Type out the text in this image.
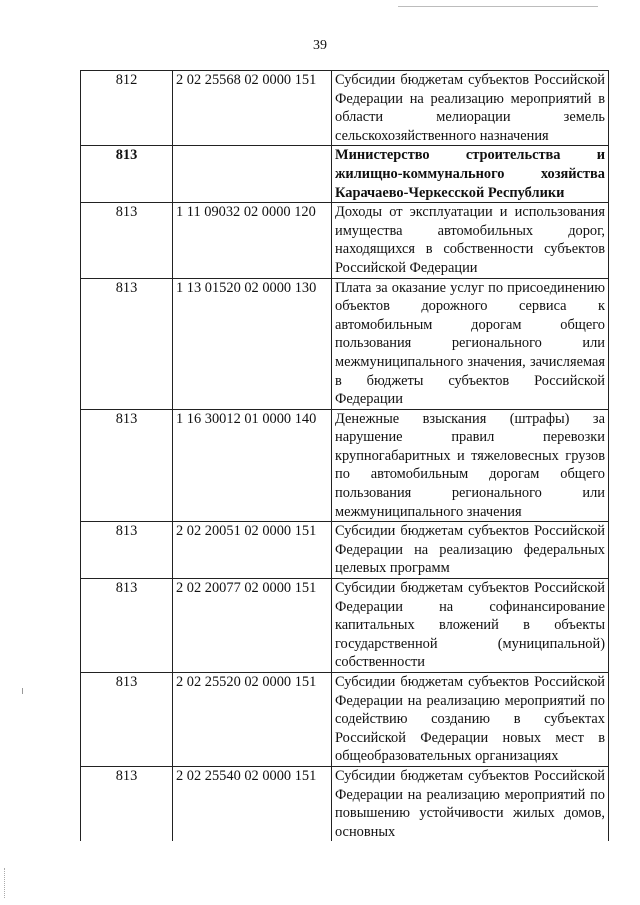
39
812	2 02 25568 02 0000 151	Субсидии бюджетам субъектов Российской Федерации на реализацию мероприятий в области мелиорации земель сельскохозяйственного назначения
813		Министерство строительства и жилищно-коммунального хозяйства Карачаево-Черкесской Республики
813	1 11 09032 02 0000 120	Доходы от эксплуатации и использования имущества автомобильных дорог, находящихся в собственности субъектов Российской Федерации
813	1 13 01520 02 0000 130	Плата за оказание услуг по присоединению объектов дорожного сервиса к автомобильным дорогам общего пользования регионального или межмуниципального значения, зачисляемая в бюджеты субъектов Российской Федерации
813	1 16 30012 01 0000 140	Денежные взыскания (штрафы) за нарушение правил перевозки крупногабаритных и тяжеловесных грузов по автомобильным дорогам общего пользования регионального или межмуниципального значения
813	2 02 20051 02 0000 151	Субсидии бюджетам субъектов Российской Федерации на реализацию федеральных целевых программ
813	2 02 20077 02 0000 151	Субсидии бюджетам субъектов Российской Федерации на софинансирование капитальных вложений в объекты государственной (муниципальной) собственности
813	2 02 25520 02 0000 151	Субсидии бюджетам субъектов Российской Федерации на реализацию мероприятий по содействию созданию в субъектах Российской Федерации новых мест в общеобразовательных организациях
813	2 02 25540 02 0000 151	Субсидии бюджетам субъектов Российской Федерации на реализацию мероприятий по повышению устойчивости жилых домов, основных
